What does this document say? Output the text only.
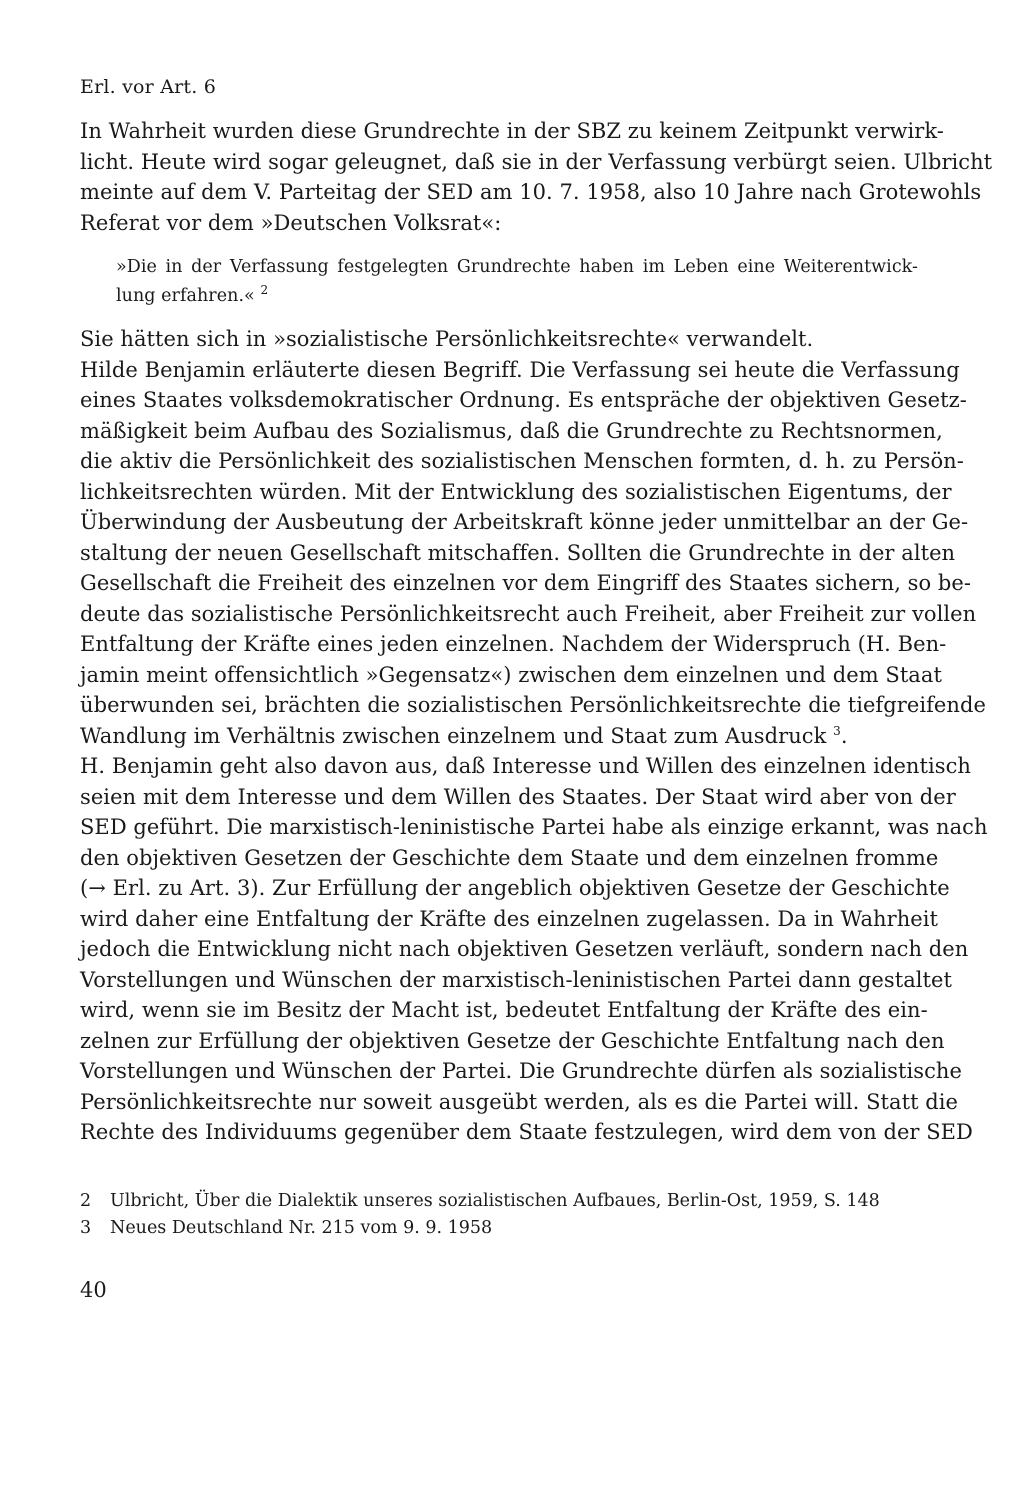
Erl. vor Art. 6
In Wahrheit wurden diese Grundrechte in der SBZ zu keinem Zeitpunkt verwirk-
licht. Heute wird sogar geleugnet, daß sie in der Verfassung verbürgt seien. Ulbricht
meinte auf dem V. Parteitag der SED am 10. 7. 1958, also 10 Jahre nach Grotewohls
Referat vor dem »Deutschen Volksrat«:
»Die in der Verfassung festgelegten Grundrechte haben im Leben eine Weiterentwick-
lung erfahren.« $^2$
Sie hätten sich in »sozialistische Persönlichkeitsrechte« verwandelt.
Hilde Benjamin erläuterte diesen Begriff. Die Verfassung sei heute die Verfassung
eines Staates volksdemokratischer Ordnung. Es entspräche der objektiven Gesetz-
mäßigkeit beim Aufbau des Sozialismus, daß die Grundrechte zu Rechtsnormen,
die aktiv die Persönlichkeit des sozialistischen Menschen formten, d. h. zu Persön-
lichkeitsrechten würden. Mit der Entwicklung des sozialistischen Eigentums, der
Überwindung der Ausbeutung der Arbeitskraft könne jeder unmittelbar an der Ge-
staltung der neuen Gesellschaft mitschaffen. Sollten die Grundrechte in der alten
Gesellschaft die Freiheit des einzelnen vor dem Eingriff des Staates sichern, so be-
deute das sozialistische Persönlichkeitsrecht auch Freiheit, aber Freiheit zur vollen
Entfaltung der Kräfte eines jeden einzelnen. Nachdem der Widerspruch (H. Ben-
jamin meint offensichtlich »Gegensatz«) zwischen dem einzelnen und dem Staat
überwunden sei, brächten die sozialistischen Persönlichkeitsrechte die tiefgreifende
Wandlung im Verhältnis zwischen einzelnem und Staat zum Ausdruck $^3$.
H. Benjamin geht also davon aus, daß Interesse und Willen des einzelnen identisch
seien mit dem Interesse und dem Willen des Staates. Der Staat wird aber von der
SED geführt. Die marxistisch-leninistische Partei habe als einzige erkannt, was nach
den objektiven Gesetzen der Geschichte dem Staate und dem einzelnen fromme
(→ Erl. zu Art. 3). Zur Erfüllung der angeblich objektiven Gesetze der Geschichte
wird daher eine Entfaltung der Kräfte des einzelnen zugelassen. Da in Wahrheit
jedoch die Entwicklung nicht nach objektiven Gesetzen verläuft, sondern nach den
Vorstellungen und Wünschen der marxistisch-leninistischen Partei dann gestaltet
wird, wenn sie im Besitz der Macht ist, bedeutet Entfaltung der Kräfte des ein-
zelnen zur Erfüllung der objektiven Gesetze der Geschichte Entfaltung nach den
Vorstellungen und Wünschen der Partei. Die Grundrechte dürfen als sozialistische
Persönlichkeitsrechte nur soweit ausgeübt werden, als es die Partei will. Statt die
Rechte des Individuums gegenüber dem Staate festzulegen, wird dem von der SED
2 Ulbricht, Über die Dialektik unseres sozialistischen Aufbaues, Berlin-Ost, 1959, S. 148
3 Neues Deutschland Nr. 215 vom 9. 9. 1958
40
